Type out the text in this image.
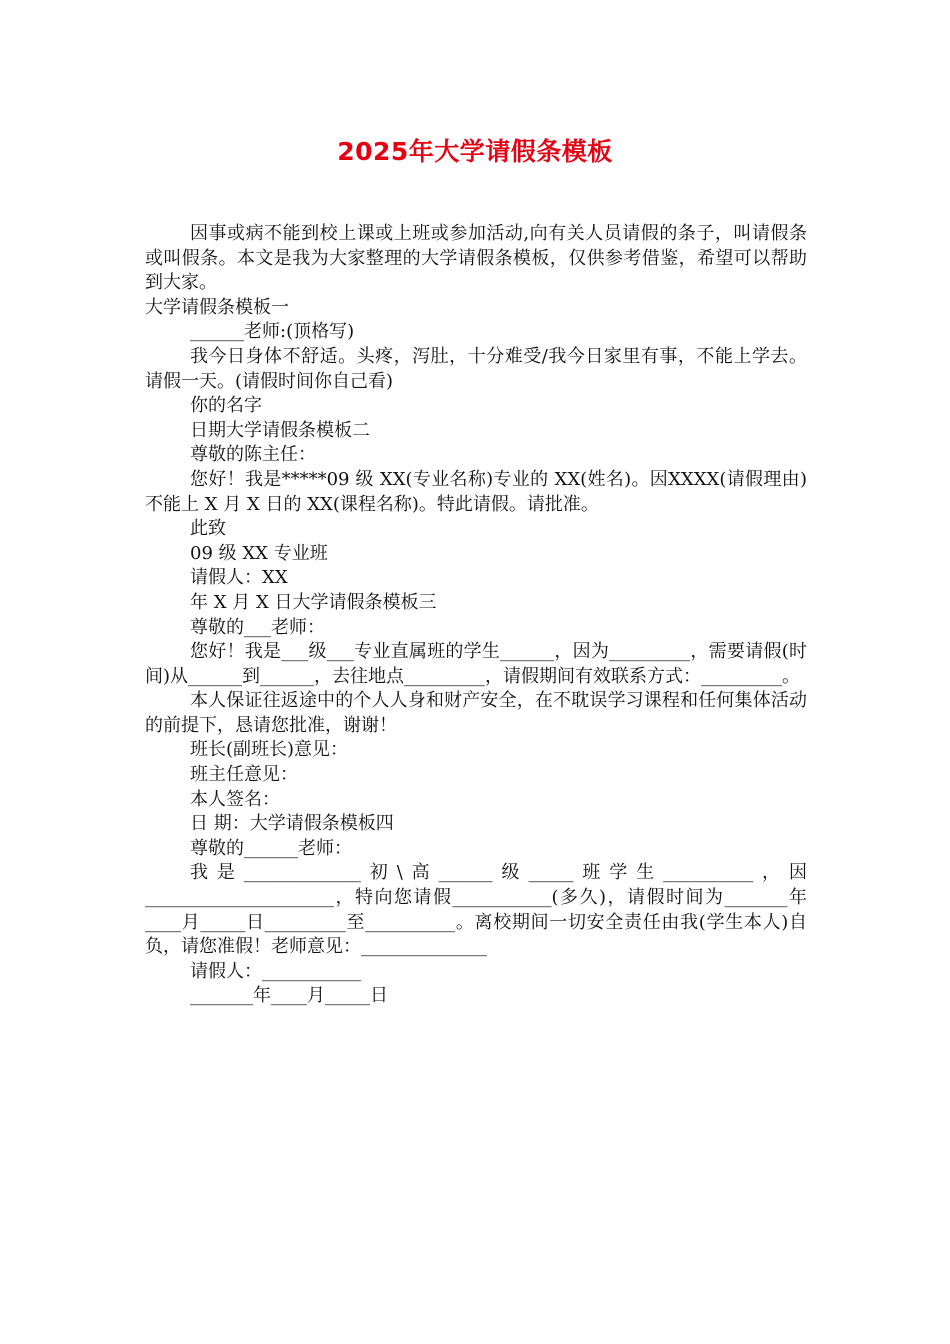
2025年大学请假条模板

因事或病不能到校上课或上班或参加活动,向有关人员请假的条子，叫请假条或叫假条。本文是我为大家整理的大学请假条模板，仅供参考借鉴，希望可以帮助到大家。

大学请假条模板一

______老师:(顶格写)

我今日身体不舒适。头疼，泻肚，十分难受/我今日家里有事，不能上学去。请假一天。(请假时间你自己看)

你的名字

日期大学请假条模板二

尊敬的陈主任：

您好！我是*****09 级 XX(专业名称)专业的 XX(姓名)。因XXXX(请假理由)不能上 X 月 X 日的 XX(课程名称)。特此请假。请批准。

此致

09 级 XX 专业班

请假人：XX

年 X 月 X 日大学请假条模板三

尊敬的___老师：

您好！我是___级___专业直属班的学生______，因为_________，需要请假(时间)从______到______，去往地点_________，请假期间有效联系方式：_________。

本人保证往返途中的个人人身和财产安全，在不耽误学习课程和任何集体活动的前提下，恳请您批准，谢谢！

班长(副班长)意见：

班主任意见：

本人签名：

日 期：大学请假条模板四

尊敬的______老师：

我是_____________初\高______级_____班学生__________，因_____________________，特向您请假___________(多久)，请假时间为_______年____月_____日_________至__________。离校期间一切安全责任由我(学生本人)自负，请您准假！老师意见：______________

请假人：___________

_______年____月_____日
